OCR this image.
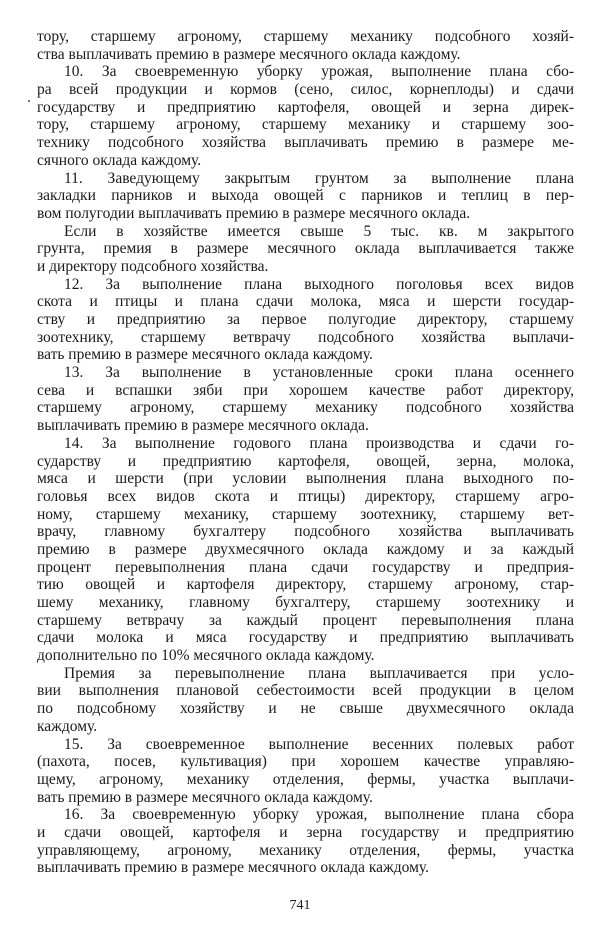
тору, старшему агроному, старшему механику подсобного хозяй-
ства выплачивать премию в размере месячного оклада каждому.
10. За своевременную уборку урожая, выполнение плана сбо-
ра всей продукции и кормов (сено, силос, корнеплоды) и сдачи
государству и предприятию картофеля, овощей и зерна дирек-
тору, старшему агроному, старшему механику и старшему зоо-
технику подсобного хозяйства выплачивать премию в размере ме-
сячного оклада каждому.
11. Заведующему закрытым грунтом за выполнение плана
закладки парников и выхода овощей с парников и теплиц в пер-
вом полугодии выплачивать премию в размере месячного оклада.
Если в хозяйстве имеется свыше 5 тыс. кв. м закрытого
грунта, премия в размере месячного оклада выплачивается также
и директору подсобного хозяйства.
12. За выполнение плана выходного поголовья всех видов
скота и птицы и плана сдачи молока, мяса и шерсти государ-
ству и предприятию за первое полугодие директору, старшему
зоотехнику, старшему ветврачу подсобного хозяйства выплачи-
вать премию в размере месячного оклада каждому.
13. За выполнение в установленные сроки плана осеннего
сева и вспашки зяби при хорошем качестве работ директору,
старшему агроному, старшему механику подсобного хозяйства
выплачивать премию в размере месячного оклада.
14. За выполнение годового плана производства и сдачи го-
сударству и предприятию картофеля, овощей, зерна, молока,
мяса и шерсти (при условии выполнения плана выходного по-
головья всех видов скота и птицы) директору, старшему агро-
ному, старшему механику, старшему зоотехнику, старшему вет-
врачу, главному бухгалтеру подсобного хозяйства выплачивать
премию в размере двухмесячного оклада каждому и за каждый
процент перевыполнения плана сдачи государству и предприя-
тию овощей и картофеля директору, старшему агроному, стар-
шему механику, главному бухгалтеру, старшему зоотехнику и
старшему ветврачу за каждый процент перевыполнения плана
сдачи молока и мяса государству и предприятию выплачивать
дополнительно по 10% месячного оклада каждому.
Премия за перевыполнение плана выплачивается при усло-
вии выполнения плановой себестоимости всей продукции в целом
по подсобному хозяйству и не свыше двухмесячного оклада
каждому.
15. За своевременное выполнение весенних полевых работ
(пахота, посев, культивация) при хорошем качестве управляю-
щему, агроному, механику отделения, фермы, участка выплачи-
вать премию в размере месячного оклада каждому.
16. За своевременную уборку урожая, выполнение плана сбора
и сдачи овощей, картофеля и зерна государству и предприятию
управляющему, агроному, механику отделения, фермы, участка
выплачивать премию в размере месячного оклада каждому.
741
